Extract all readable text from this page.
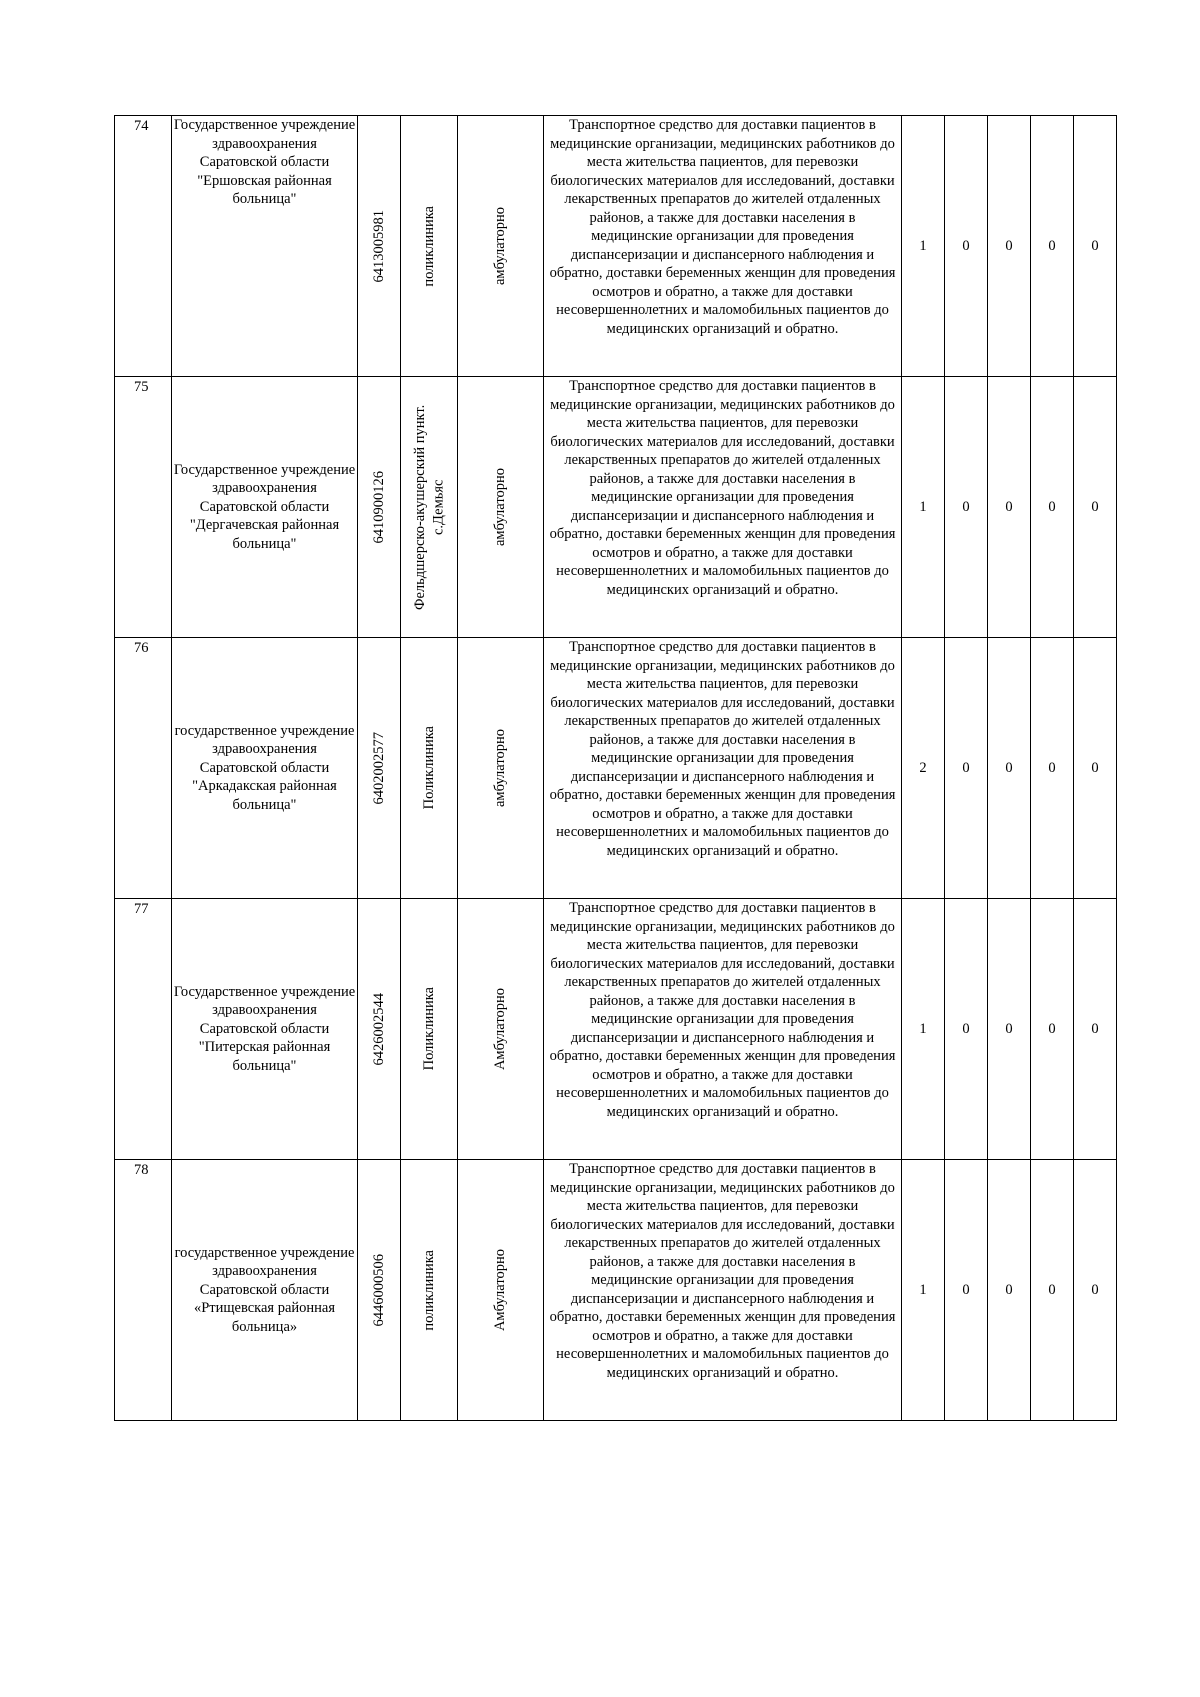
74	Государственное учреждение здравоохранения Саратовской области "Ершовская районная больница"	6413005981	поликлиника	амбулаторно	Транспортное средство для доставки пациентов в медицинские организации, медицинских работников до места жительства пациентов, для перевозки биологических материалов для исследований, доставки лекарственных препаратов до жителей отдаленных районов, а также для доставки населения в медицинские организации для проведения диспансеризации и диспансерного наблюдения и обратно, доставки беременных женщин для проведения осмотров и обратно, а также для доставки несовершеннолетних и маломобильных пациентов до медицинских организаций и обратно.	1	0	0	0	0
75	Государственное учреждение здравоохранения Саратовской области "Дергачевская районная больница"	6410900126	Фельдшерско-акушерский пункт. с.Демьяс	амбулаторно	Транспортное средство для доставки пациентов в медицинские организации, медицинских работников до места жительства пациентов, для перевозки биологических материалов для исследований, доставки лекарственных препаратов до жителей отдаленных районов, а также для доставки населения в медицинские организации для проведения диспансеризации и диспансерного наблюдения и обратно, доставки беременных женщин для проведения осмотров и обратно, а также для доставки несовершеннолетних и маломобильных пациентов до медицинских организаций и обратно.	1	0	0	0	0
76	государственное учреждение здравоохранения Саратовской области "Аркадакская районная больница"	6402002577	Поликлиника	амбулаторно	Транспортное средство для доставки пациентов в медицинские организации, медицинских работников до места жительства пациентов, для перевозки биологических материалов для исследований, доставки лекарственных препаратов до жителей отдаленных районов, а также для доставки населения в медицинские организации для проведения диспансеризации и диспансерного наблюдения и обратно, доставки беременных женщин для проведения осмотров и обратно, а также для доставки несовершеннолетних и маломобильных пациентов до медицинских организаций и обратно.	2	0	0	0	0
77	Государственное учреждение здравоохранения Саратовской области "Питерская районная больница"	6426002544	Поликлиника	Амбулаторно	Транспортное средство для доставки пациентов в медицинские организации, медицинских работников до места жительства пациентов, для перевозки биологических материалов для исследований, доставки лекарственных препаратов до жителей отдаленных районов, а также для доставки населения в медицинские организации для проведения диспансеризации и диспансерного наблюдения и обратно, доставки беременных женщин для проведения осмотров и обратно, а также для доставки несовершеннолетних и маломобильных пациентов до медицинских организаций и обратно.	1	0	0	0	0
78	государственное учреждение здравоохранения Саратовской области «Ртищевская районная больница»	6446000506	поликлиника	Амбулаторно	Транспортное средство для доставки пациентов в медицинские организации, медицинских работников до места жительства пациентов, для перевозки биологических материалов для исследований, доставки лекарственных препаратов до жителей отдаленных районов, а также для доставки населения в медицинские организации для проведения диспансеризации и диспансерного наблюдения и обратно, доставки беременных женщин для проведения осмотров и обратно, а также для доставки несовершеннолетних и маломобильных пациентов до медицинских организаций и обратно.	1	0	0	0	0
